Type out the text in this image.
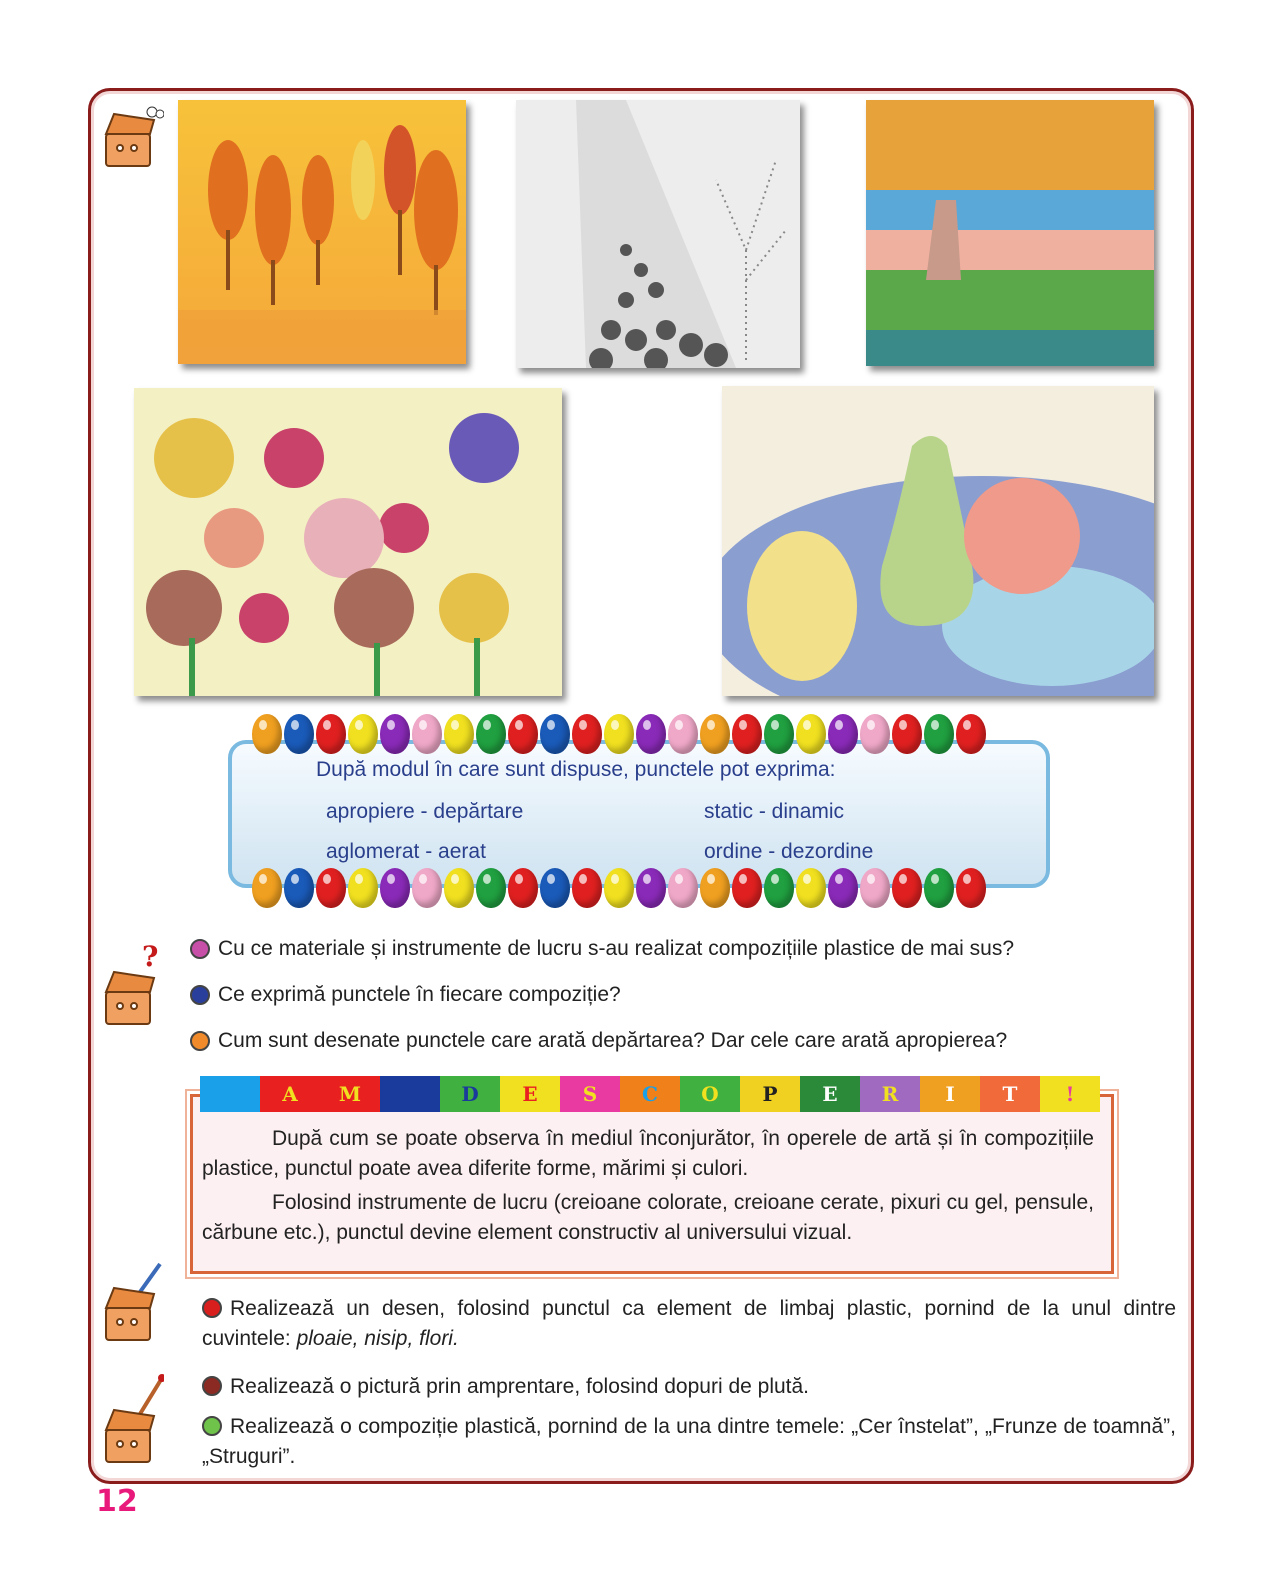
?
După modul în care sunt dispuse, punctele pot exprima:
apropiere - depărtare	static - dinamic
aglomerat - aerat	ordine - dezordine
Cu ce materiale și instrumente de lucru s-au realizat compozițiile plastice de mai sus?
Ce exprimă punctele în fiecare compoziție?
Cum sunt desenate punctele care arată depărtarea? Dar cele care arată apropierea?
A	M	D	E	S	C	O	P	E	R	I	T	!
După cum se poate observa în mediul înconjurător, în operele de artă și în compozițiile plastice, punctul poate avea diferite forme, mărimi și culori.
Folosind instrumente de lucru (creioane colorate, creioane cerate, pixuri cu gel, pensule, cărbune etc.), punctul devine element constructiv al universului vizual.
Realizează un desen, folosind punctul ca element de limbaj plastic, pornind de la unul dintre cuvintele: ploaie, nisip, flori.
Realizează o pictură prin amprentare, folosind dopuri de plută.
Realizează o compoziție plastică, pornind de la una dintre temele: „Cer înstelat”, „Frunze de toamnă”, „Struguri”.
12
